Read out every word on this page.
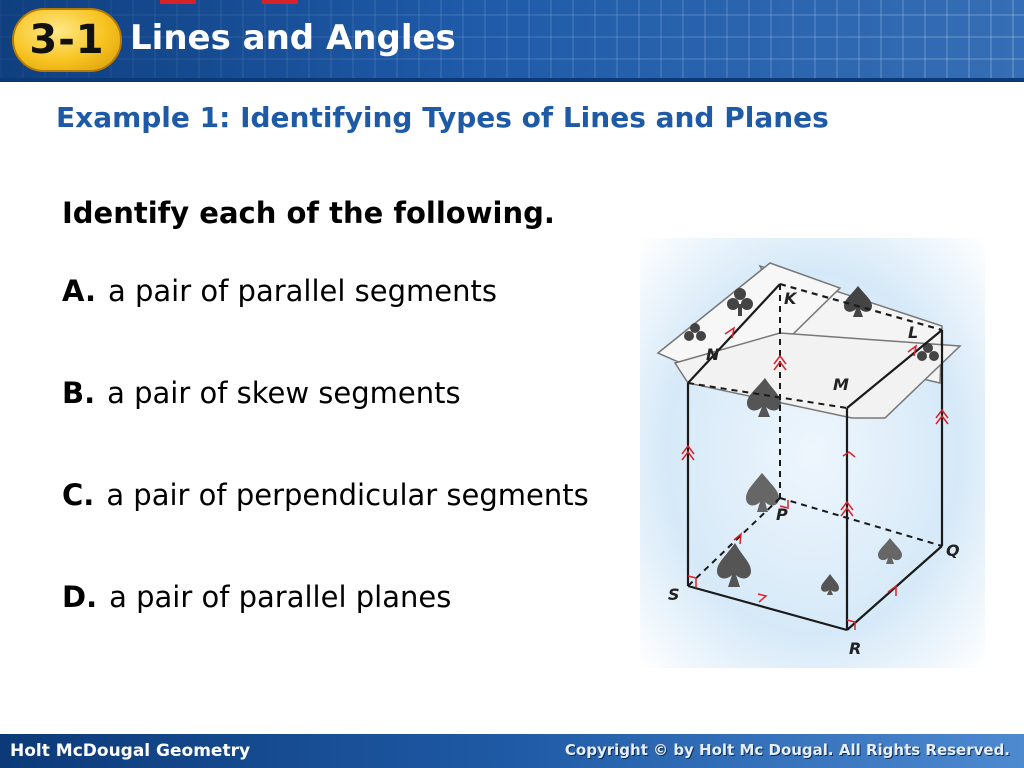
3-1 Lines and Angles
Example 1: Identifying Types of Lines and Planes
Identify each of the following.
A. a pair of parallel segments
B. a pair of skew segments
C. a pair of perpendicular segments
D. a pair of parallel planes
K
L
N
M
P
Q
S
R
Holt McDougal Geometry	Copyright © by Holt Mc Dougal. All Rights Reserved.
